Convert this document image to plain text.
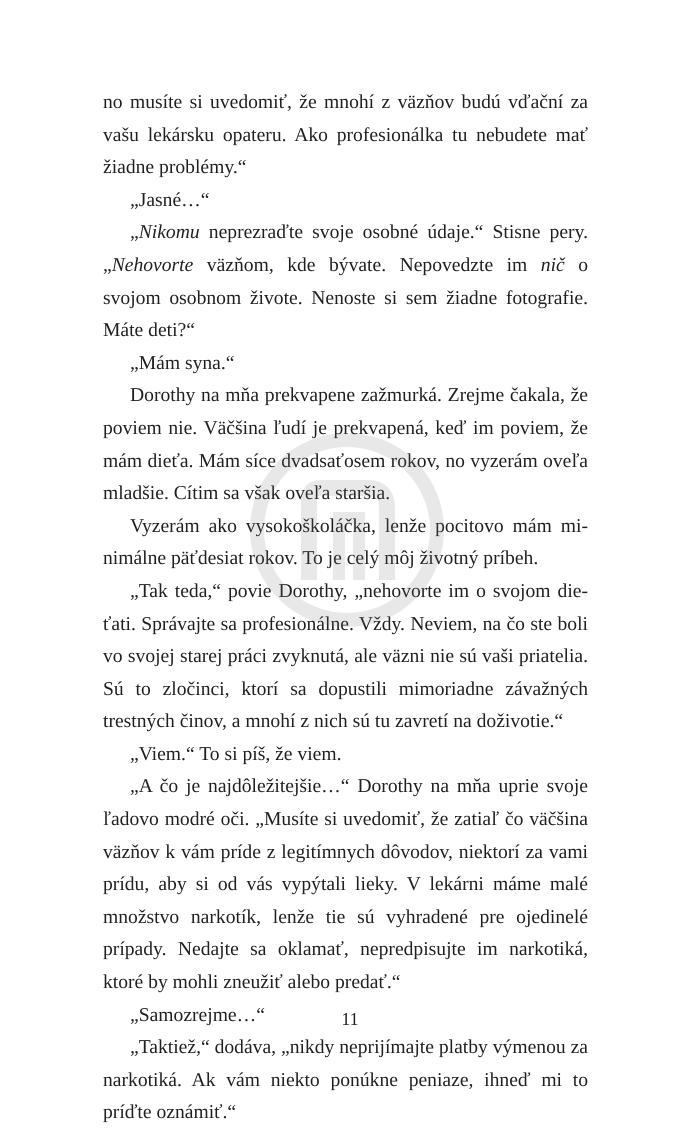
no musíte si uvedomiť, že mnohí z väzňov budú vďační za vašu lekársku opateru. Ako profesionálka tu nebudete mať žiadne problémy.“

„Jasné…“

„Nikomu neprezraďte svoje osobné údaje.“ Stisne pery. „Nehovorte väzňom, kde bývate. Nepovedzte im nič o svojom osobnom živote. Nenoste si sem žiadne fotografie. Máte deti?“

„Mám syna.“

Dorothy na mňa prekvapene zažmurká. Zrejme čakala, že poviem nie. Väčšina ľudí je prekvapená, keď im poviem, že mám dieťa. Mám síce dvadsaťosem rokov, no vyzerám oveľa mladšie. Cítim sa však oveľa staršia.

Vyzerám ako vysokoškoláčka, lenže pocitovo mám minimálne päťdesiat rokov. To je celý môj životný príbeh.

„Tak teda,“ povie Dorothy, „nehovorte im o svojom dieťati. Správajte sa profesionálne. Vždy. Neviem, na čo ste boli vo svojej starej práci zvyknutá, ale väzni nie sú vaši priatelia. Sú to zločinci, ktorí sa dopustili mimoriadne závažných trestných činov, a mnohí z nich sú tu zavretí na doživotie.“

„Viem.“ To si píš, že viem.

„A čo je najdôležitejšie…“ Dorothy na mňa uprie svoje ľadovo modré oči. „Musíte si uvedomiť, že zatiaľ čo väčšina väzňov k vám príde z legitímnych dôvodov, niektorí za vami prídu, aby si od vás vypýtali lieky. V lekárni máme malé množstvo narkotík, lenže tie sú vyhradené pre ojedinelé prípady. Nedajte sa oklamať, nepredpisujte im narkotiká, ktoré by mohli zneužiť alebo predať.“

„Samozrejme…“

„Taktiež,“ dodáva, „nikdy neprijímajte platby výmenou za narkotiká. Ak vám niekto ponúkne peniaze, ihneď mi to príďte oznámiť.“

11
